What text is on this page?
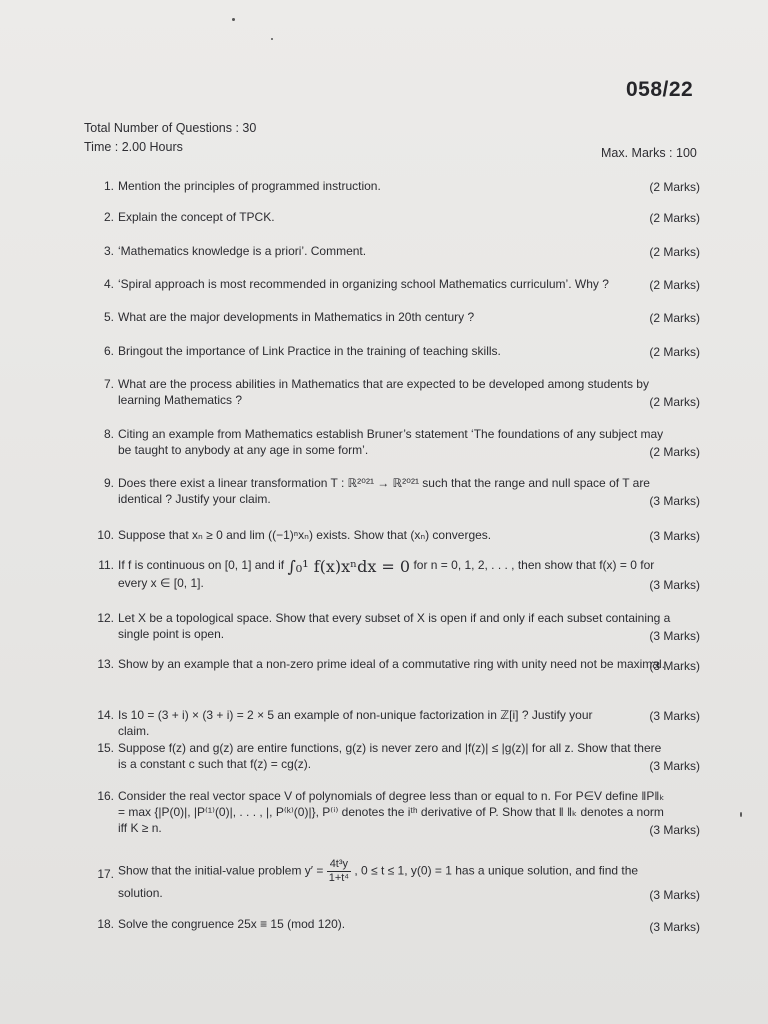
058/22
Total Number of Questions : 30
Time : 2.00 Hours	Max. Marks : 100
1. Mention the principles of programmed instruction.	(2 Marks)
2. Explain the concept of TPCK.	(2 Marks)
3. ‘Mathematics knowledge is a priori’. Comment.	(2 Marks)
4. ‘Spiral approach is most recommended in organizing school Mathematics curriculum’. Why ?	(2 Marks)
5. What are the major developments in Mathematics in 20th century ?	(2 Marks)
6. Bringout the importance of Link Practice in the training of teaching skills.	(2 Marks)
7. What are the process abilities in Mathematics that are expected to be developed among students by learning Mathematics ?	(2 Marks)
8. Citing an example from Mathematics establish Bruner’s statement ‘The foundations of any subject may be taught to anybody at any age in some form’.	(2 Marks)
9. Does there exist a linear transformation T : ℝ²⁰²¹ → ℝ²⁰²¹ such that the range and null space of T are identical ? Justify your claim.	(3 Marks)
10. Suppose that xₙ ≥ 0 and lim ((−1)ⁿxₙ) exists. Show that (xₙ) converges.	(3 Marks)
11. If f is continuous on [0, 1] and if ∫₀¹ f(x)xⁿdx = 0 for n = 0, 1, 2, . . . , then show that f(x) = 0 for every x ∈ [0, 1].	(3 Marks)
12. Let X be a topological space. Show that every subset of X is open if and only if each subset containing a single point is open.	(3 Marks)
13. Show by an example that a non-zero prime ideal of a commutative ring with unity need not be maximal.
(3 Marks)
14. Is 10 = (3 + i) × (3 + i) = 2 × 5 an example of non-unique factorization in ℤ[i] ? Justify your claim.
(3 Marks)
15. Suppose f(z) and g(z) are entire functions, g(z) is never zero and |f(z)| ≤ |g(z)| for all z. Show that there is a constant c such that f(z) = cg(z).	(3 Marks)
16. Consider the real vector space V of polynomials of degree less than or equal to n. For P∈V define ‖P‖ₖ = max {|P(0)|, |P⁽¹⁾(0)|, . . . , |, P⁽ᵏ⁾(0)|}, P⁽ⁱ⁾ denotes the iᵗʰ derivative of P. Show that ‖ ‖ₖ denotes a norm iff K ≥ n.	(3 Marks)
17. Show that the initial-value problem $y' = \frac{\text{4t³y}}{\text{1+t⁴}}$ , 0 ≤ t ≤ 1, y(0) = 1 has a unique solution, and find the solution.	(3 Marks)
18. Solve the congruence 25x ≡ 15 (mod 120).	(3 Marks)
